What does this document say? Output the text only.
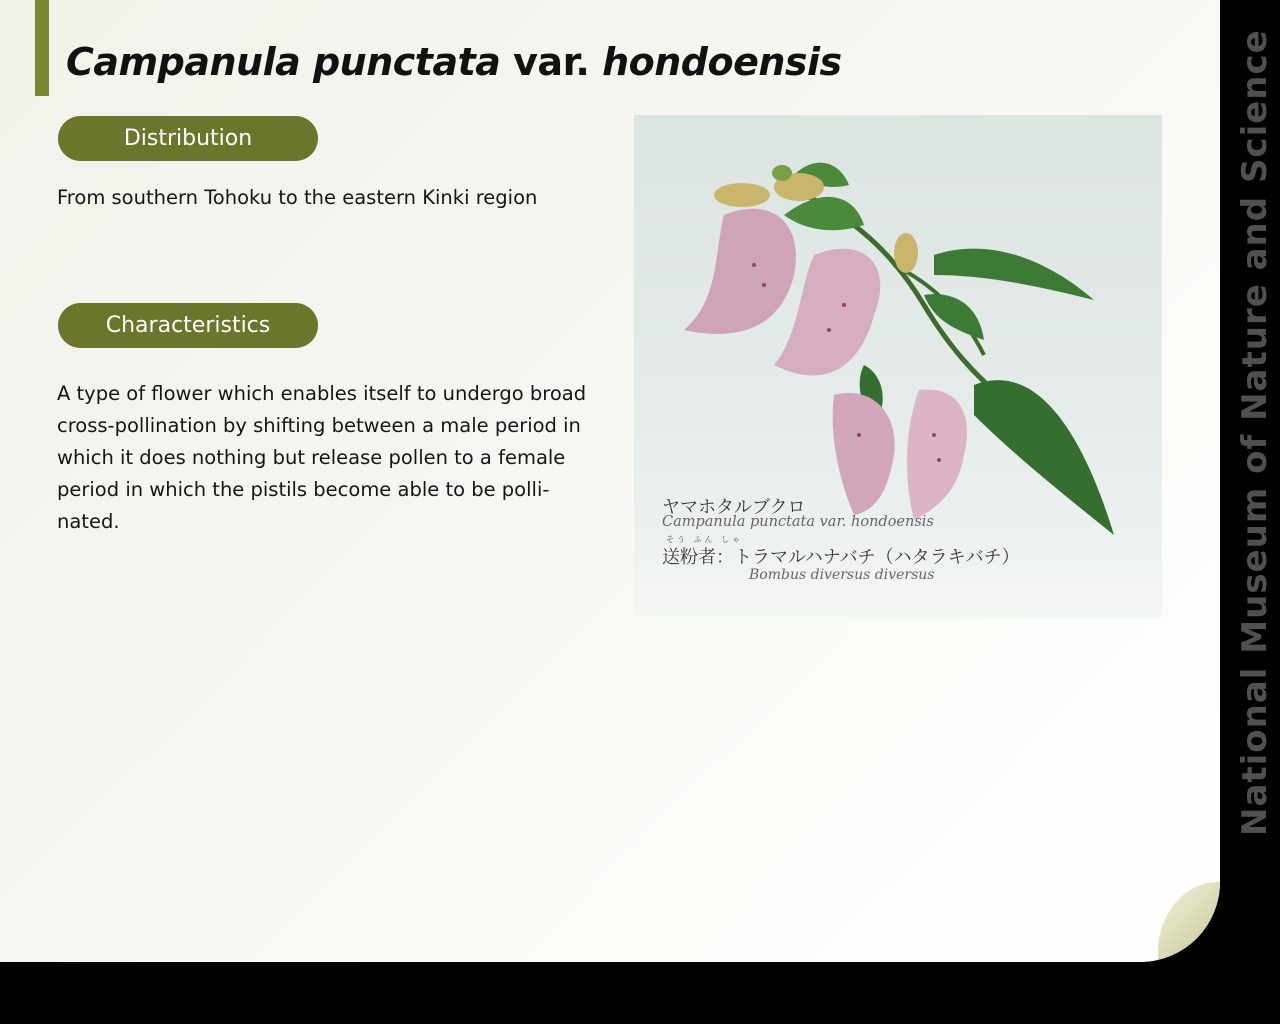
Campanula punctata var. hondoensis
Distribution
From southern Tohoku to the eastern Kinki region
Characteristics
A type of flower which enables itself to undergo broad cross-pollination by shifting between a male period in which it does nothing but release pollen to a female period in which the pistils become able to be polli-nated.
ヤマホタルブクロ
Campanula punctata var. hondoensis
そう ふん しゃ
送粉者：トラマルハナバチ（ハタラキバチ）
Bombus diversus diversus	National Museum of Nature and Science
